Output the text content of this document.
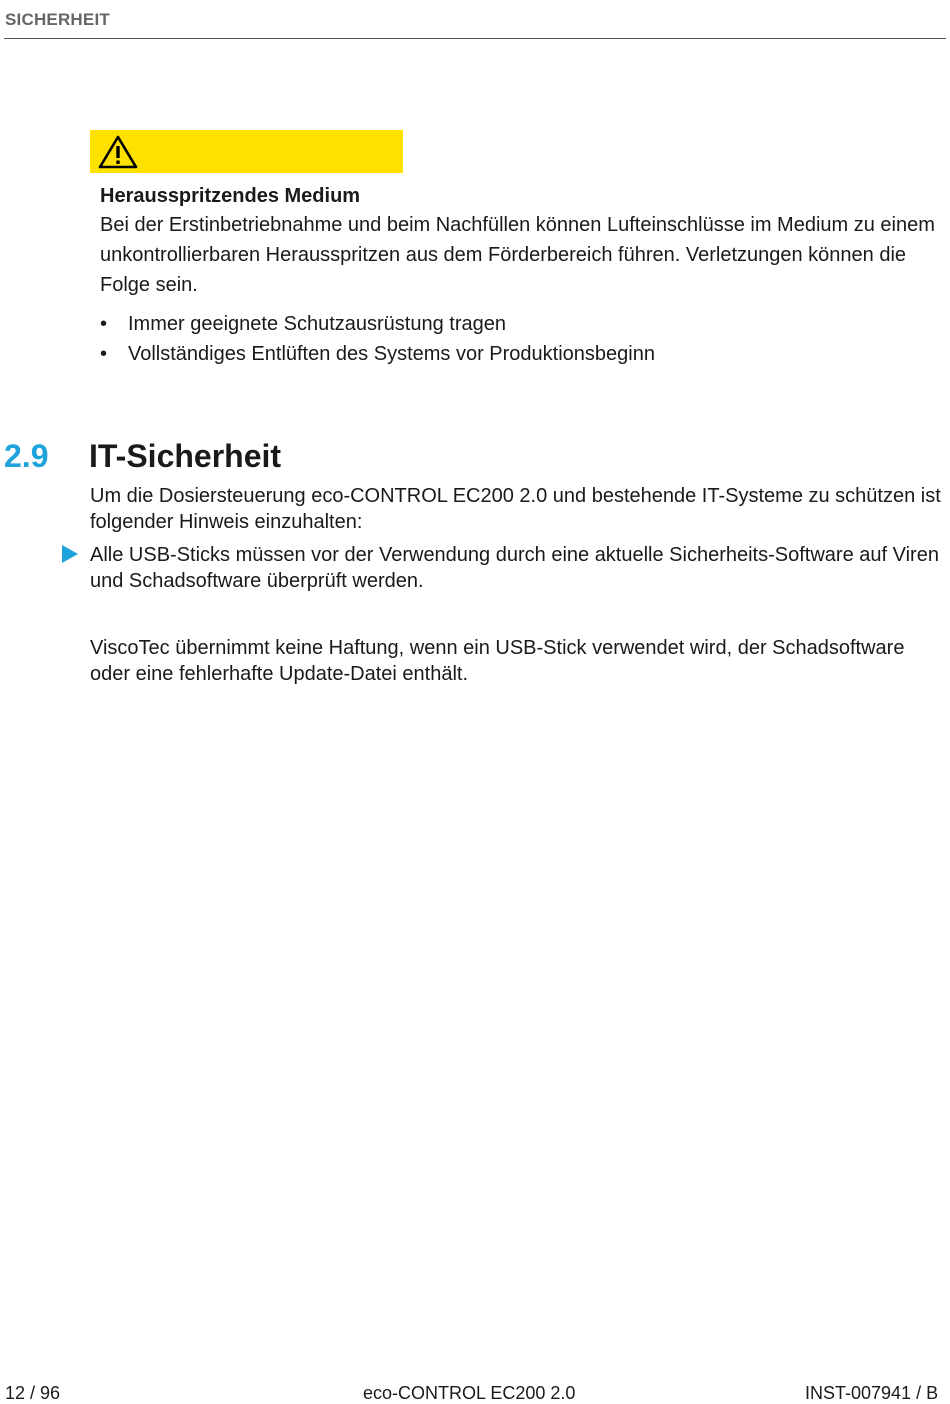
SICHERHEIT
Herausspritzendes Medium

Bei der Erstinbetriebnahme und beim Nachfüllen können Lufteinschlüsse im Medium zu einem unkontrollierbaren Herausspritzen aus dem Förderbereich führen. Verletzungen können die Folge sein.

• Immer geeignete Schutzausrüstung tragen
• Vollständiges Entlüften des Systems vor Produktionsbeginn
2.9 IT-Sicherheit

Um die Dosiersteuerung eco-CONTROL EC200 2.0 und bestehende IT-Systeme zu schützen ist folgender Hinweis einzuhalten:

Alle USB-Sticks müssen vor der Verwendung durch eine aktuelle Sicherheits-Software auf Viren und Schadsoftware überprüft werden.

ViscoTec übernimmt keine Haftung, wenn ein USB-Stick verwendet wird, der Schadsoftware oder eine fehlerhafte Update-Datei enthält.

12 / 96	eco-CONTROL EC200 2.0	INST-007941 / B
